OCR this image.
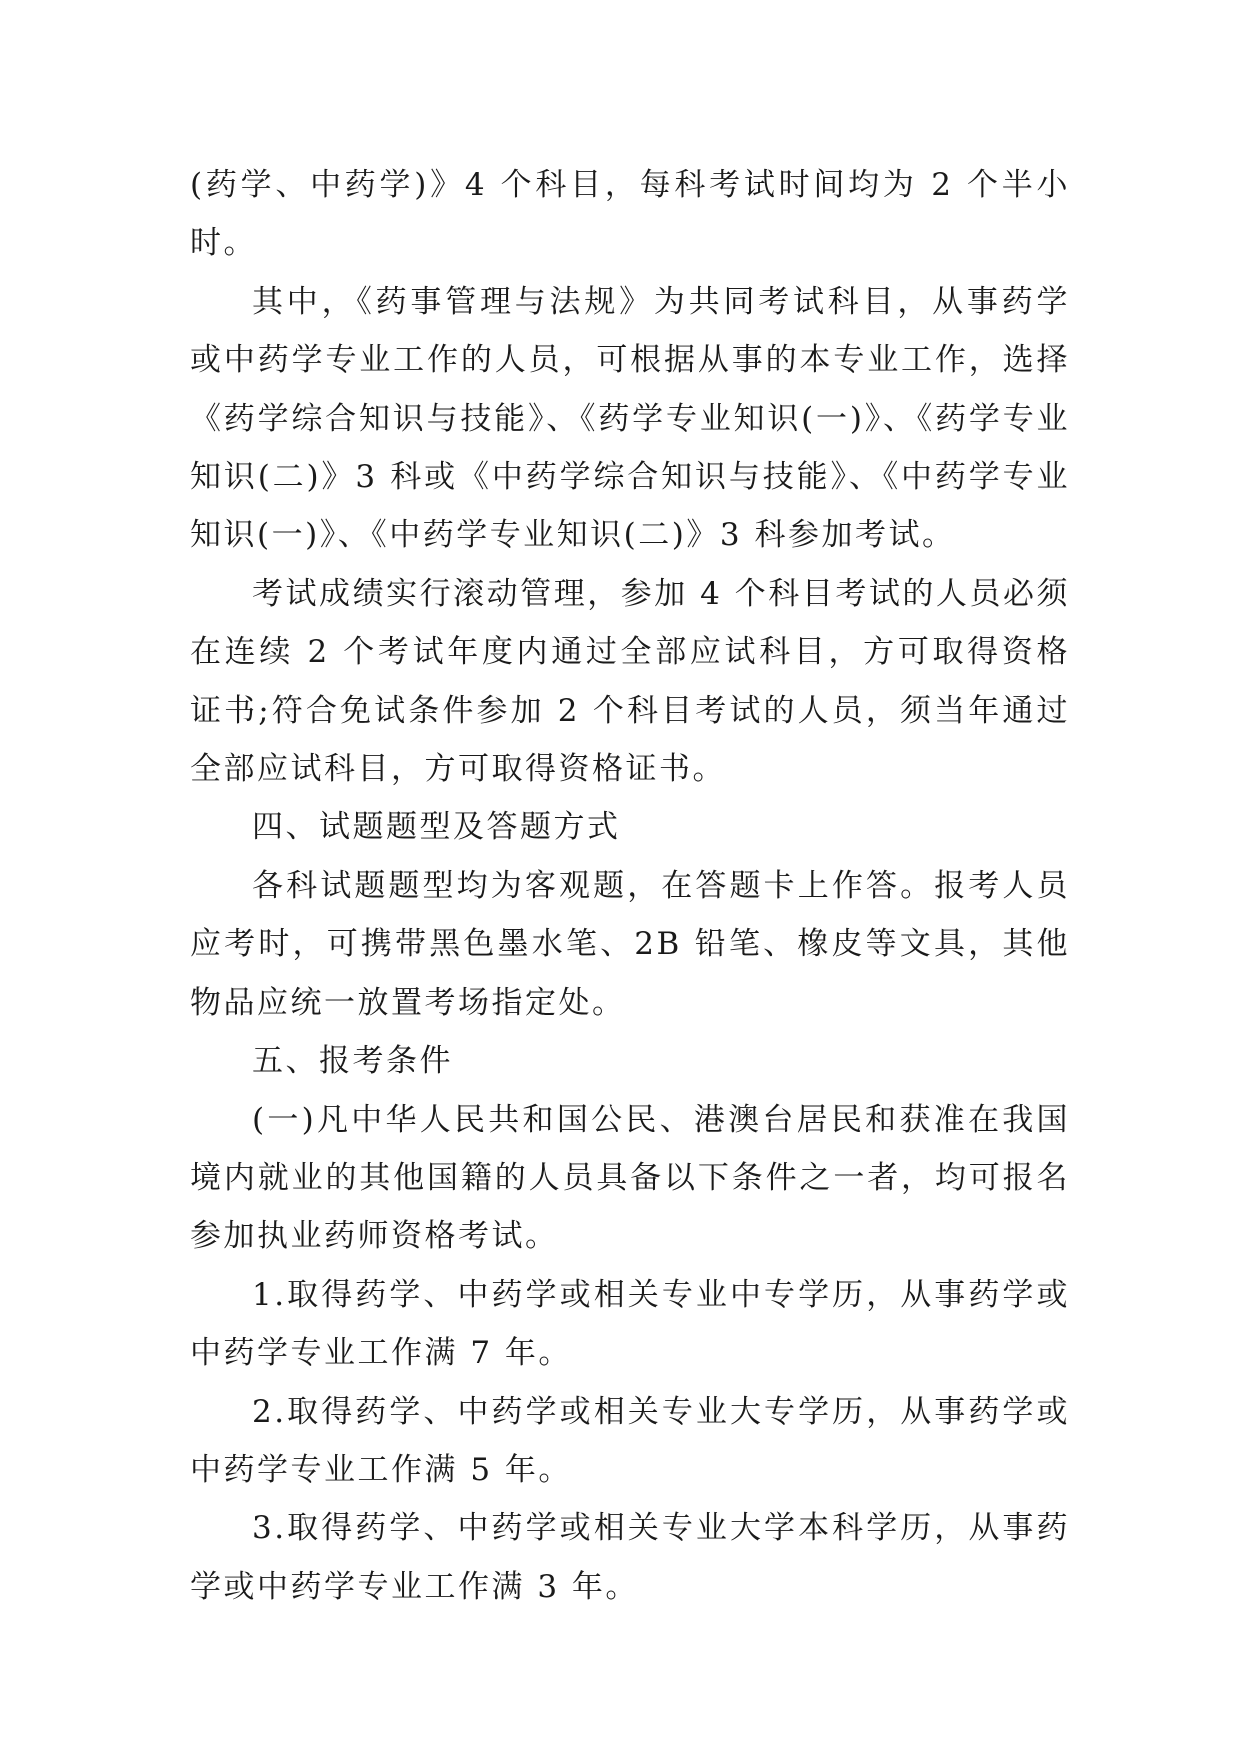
(药学、中药学)》4 个科目，每科考试时间均为 2 个半小时。

其中，《药事管理与法规》为共同考试科目，从事药学或中药学专业工作的人员，可根据从事的本专业工作，选择《药学综合知识与技能》、《药学专业知识(一)》、《药学专业知识(二)》3 科或《中药学综合知识与技能》、《中药学专业知识(一)》、《中药学专业知识(二)》3 科参加考试。

考试成绩实行滚动管理，参加 4 个科目考试的人员必须在连续 2 个考试年度内通过全部应试科目，方可取得资格证书;符合免试条件参加 2 个科目考试的人员，须当年通过全部应试科目，方可取得资格证书。

四、试题题型及答题方式

各科试题题型均为客观题，在答题卡上作答。报考人员应考时，可携带黑色墨水笔、2B 铅笔、橡皮等文具，其他物品应统一放置考场指定处。

五、报考条件

(一)凡中华人民共和国公民、港澳台居民和获准在我国境内就业的其他国籍的人员具备以下条件之一者，均可报名参加执业药师资格考试。

1.取得药学、中药学或相关专业中专学历，从事药学或中药学专业工作满 7 年。

2.取得药学、中药学或相关专业大专学历，从事药学或中药学专业工作满 5 年。

3.取得药学、中药学或相关专业大学本科学历，从事药学或中药学专业工作满 3 年。
